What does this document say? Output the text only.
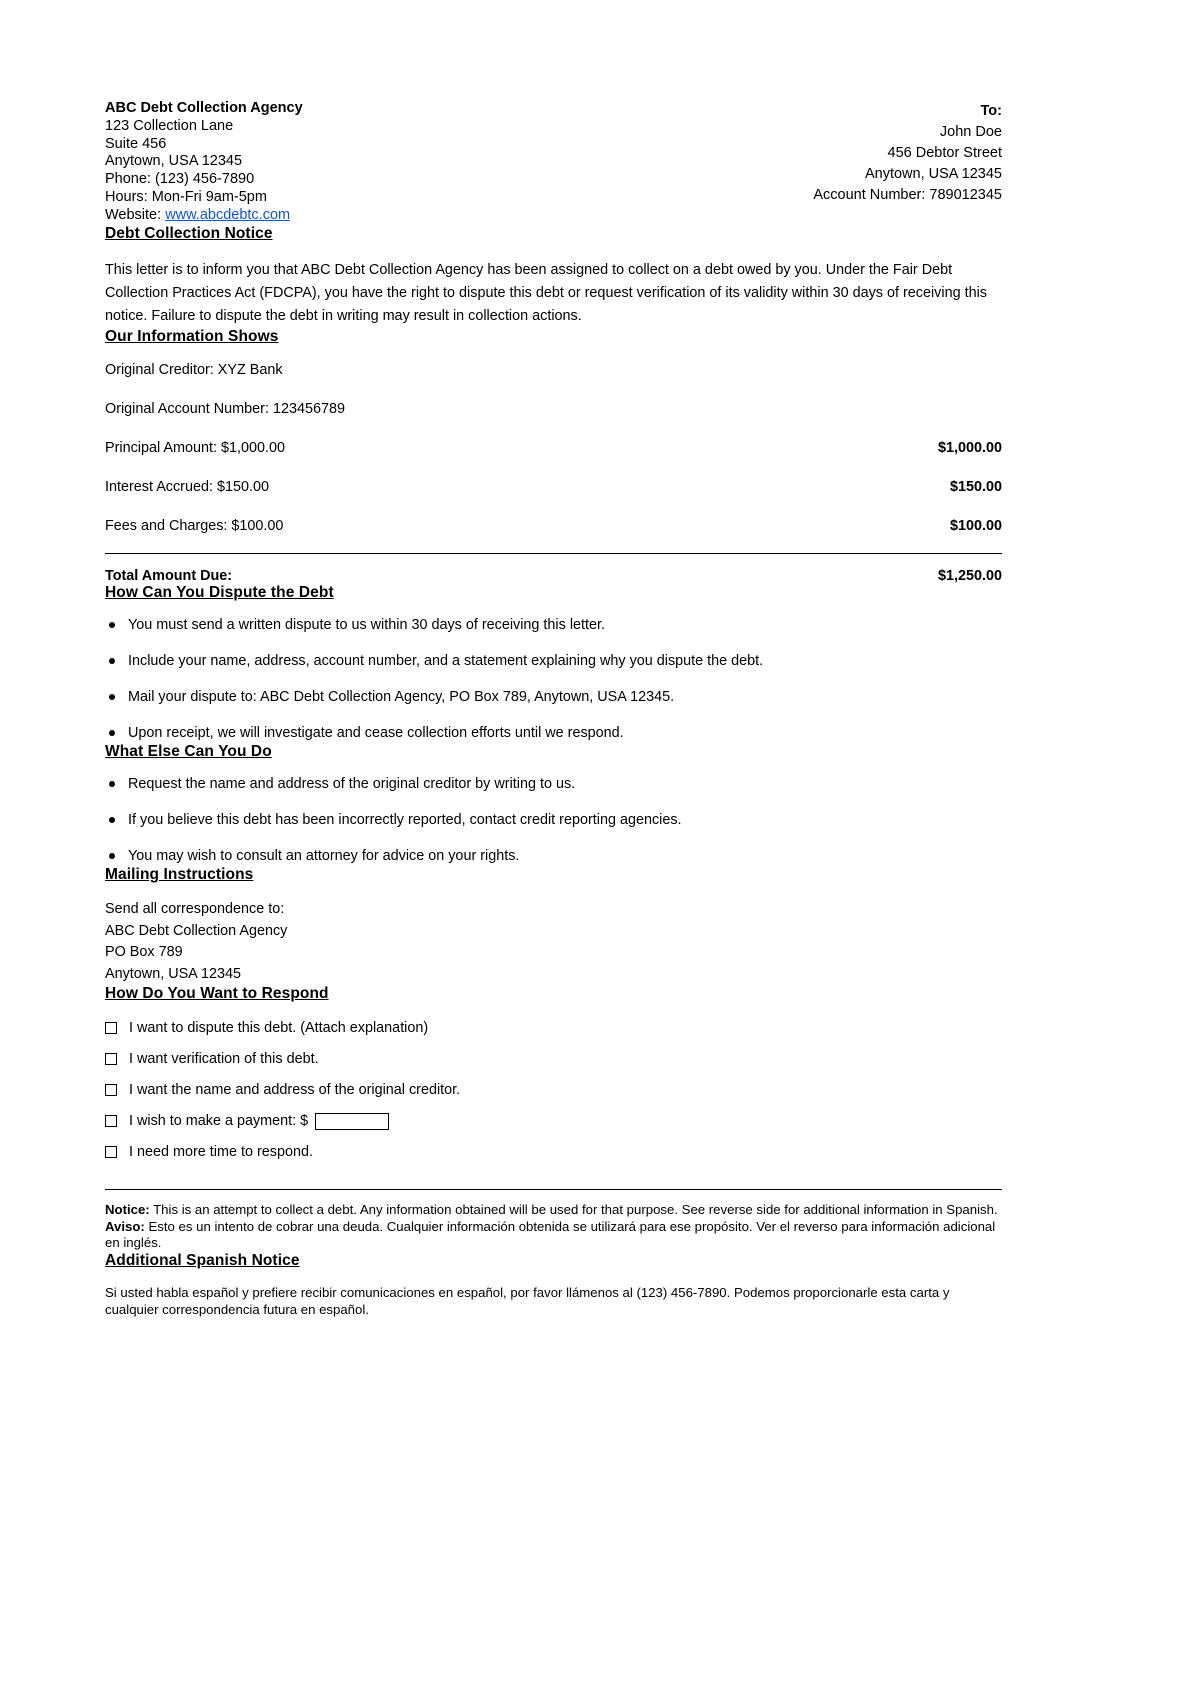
ABC Debt Collection Agency
123 Collection Lane
Suite 456
Anytown, USA 12345
Phone: (123) 456-7890
Hours: Mon-Fri 9am-5pm
Website: www.abcdebtc.com
To:
John Doe
456 Debtor Street
Anytown, USA 12345
Account Number: 789012345
Debt Collection Notice

This letter is to inform you that ABC Debt Collection Agency has been assigned to collect on a debt owed by you. Under the Fair Debt Collection Practices Act (FDCPA), you have the right to dispute this debt or request verification of its validity within 30 days of receiving this notice. Failure to dispute the debt in writing may result in collection actions.

Our Information Shows
Original Creditor: XYZ Bank
Original Account Number: 123456789
Principal Amount: $1,000.00	$1,000.00
Interest Accrued: $150.00	$150.00
Fees and Charges: $100.00	$100.00
Total Amount Due:	$1,250.00
How Can You Dispute the Debt
You must send a written dispute to us within 30 days of receiving this letter.
Include your name, address, account number, and a statement explaining why you dispute the debt.
Mail your dispute to: ABC Debt Collection Agency, PO Box 789, Anytown, USA 12345.
Upon receipt, we will investigate and cease collection efforts until we respond.
What Else Can You Do
Request the name and address of the original creditor by writing to us.
If you believe this debt has been incorrectly reported, contact credit reporting agencies.
You may wish to consult an attorney for advice on your rights.
Mailing Instructions
Send all correspondence to:
ABC Debt Collection Agency
PO Box 789
Anytown, USA 12345
How Do You Want to Respond
I want to dispute this debt. (Attach explanation)
I want verification of this debt.
I want the name and address of the original creditor.
I wish to make a payment: $
I need more time to respond.
Notice: This is an attempt to collect a debt. Any information obtained will be used for that purpose. See reverse side for additional information in Spanish.
Aviso: Esto es un intento de cobrar una deuda. Cualquier información obtenida se utilizará para ese propósito. Ver el reverso para información adicional en inglés.
Additional Spanish Notice
Si usted habla español y prefiere recibir comunicaciones en español, por favor llámenos al (123) 456-7890. Podemos proporcionarle esta carta y cualquier correspondencia futura en español.
